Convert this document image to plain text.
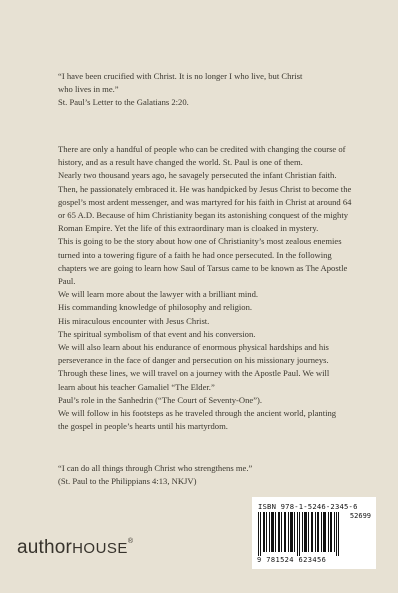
“I have been crucified with Christ. It is no longer I who live, but Christ
who lives in me.”
St. Paul’s Letter to the Galatians 2:20.
There are only a handful of people who can be credited with changing the course of
history, and as a result have changed the world. St. Paul is one of them.
Nearly two thousand years ago, he savagely persecuted the infant Christian faith.
Then, he passionately embraced it. He was handpicked by Jesus Christ to become the
gospel’s most ardent messenger, and was martyred for his faith in Christ at around 64
or 65 A.D. Because of him Christianity began its astonishing conquest of the mighty
Roman Empire. Yet the life of this extraordinary man is cloaked in mystery.
This is going to be the story about how one of Christianity’s most zealous enemies
turned into a towering figure of a faith he had once persecuted. In the following
chapters we are going to learn how Saul of Tarsus came to be known as The Apostle
Paul.
We will learn more about the lawyer with a brilliant mind.
His commanding knowledge of philosophy and religion.
His miraculous encounter with Jesus Christ.
The spiritual symbolism of that event and his conversion.
We will also learn about his endurance of enormous physical hardships and his
perseverance in the face of danger and persecution on his missionary journeys.
Through these lines, we will travel on a journey with the Apostle Paul. We will
learn about his teacher Gamaliel “The Elder.”
Paul’s role in the Sanhedrin (“The Court of Seventy-One”).
We will follow in his footsteps as he traveled through the ancient world, planting
the gospel in people’s hearts until his martyrdom.
“I can do all things through Christ who strengthens me.”
(St. Paul to the Philippians 4:13, NKJV)
ISBN 978-1-5246-2345-6
52699
9 781524 623456
authorHOUSE®
